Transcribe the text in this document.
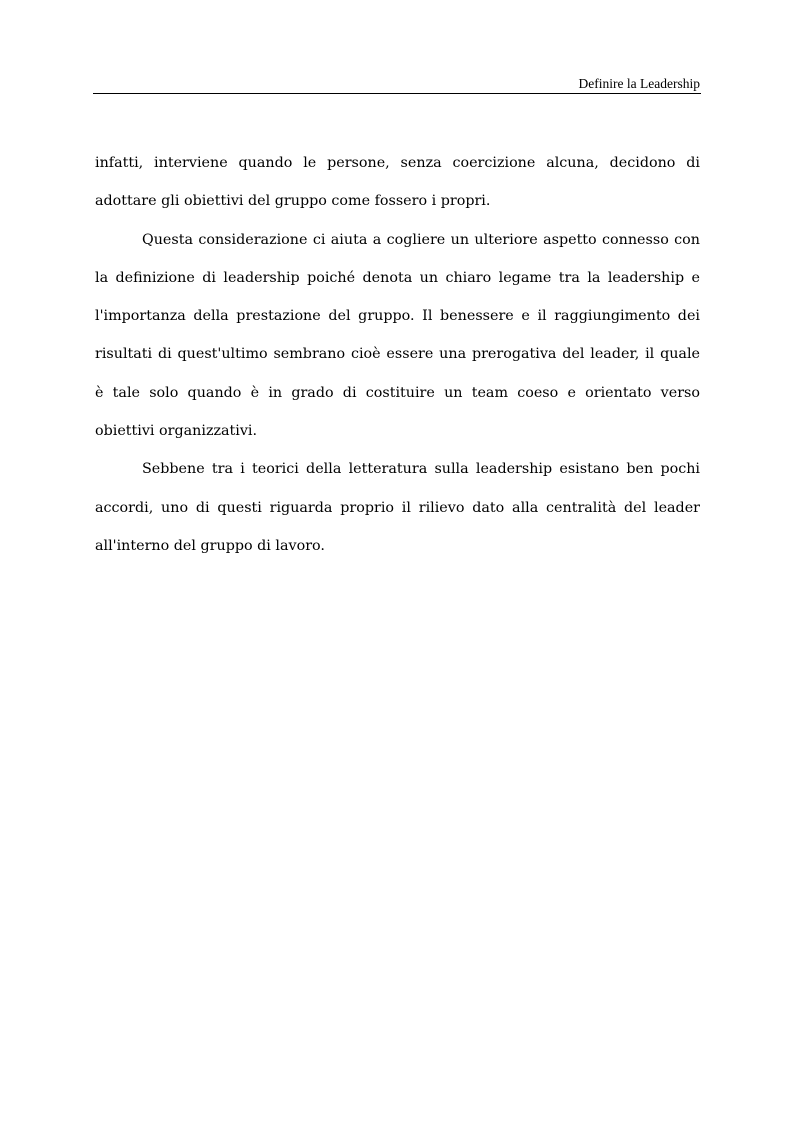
Definire la Leadership
infatti, interviene quando le persone, senza coercizione alcuna, decidono di
adottare gli obiettivi del gruppo come fossero i propri.
Questa considerazione ci aiuta a cogliere un ulteriore aspetto connesso con
la definizione di leadership poiché denota un chiaro legame tra la leadership e
l'importanza della prestazione del gruppo. Il benessere e il raggiungimento dei
risultati di quest'ultimo sembrano cioè essere una prerogativa del leader, il quale
è tale solo quando è in grado di costituire un team coeso e orientato verso
obiettivi organizzativi.
Sebbene tra i teorici della letteratura sulla leadership esistano ben pochi
accordi, uno di questi riguarda proprio il rilievo dato alla centralità del leader
all'interno del gruppo di lavoro.
